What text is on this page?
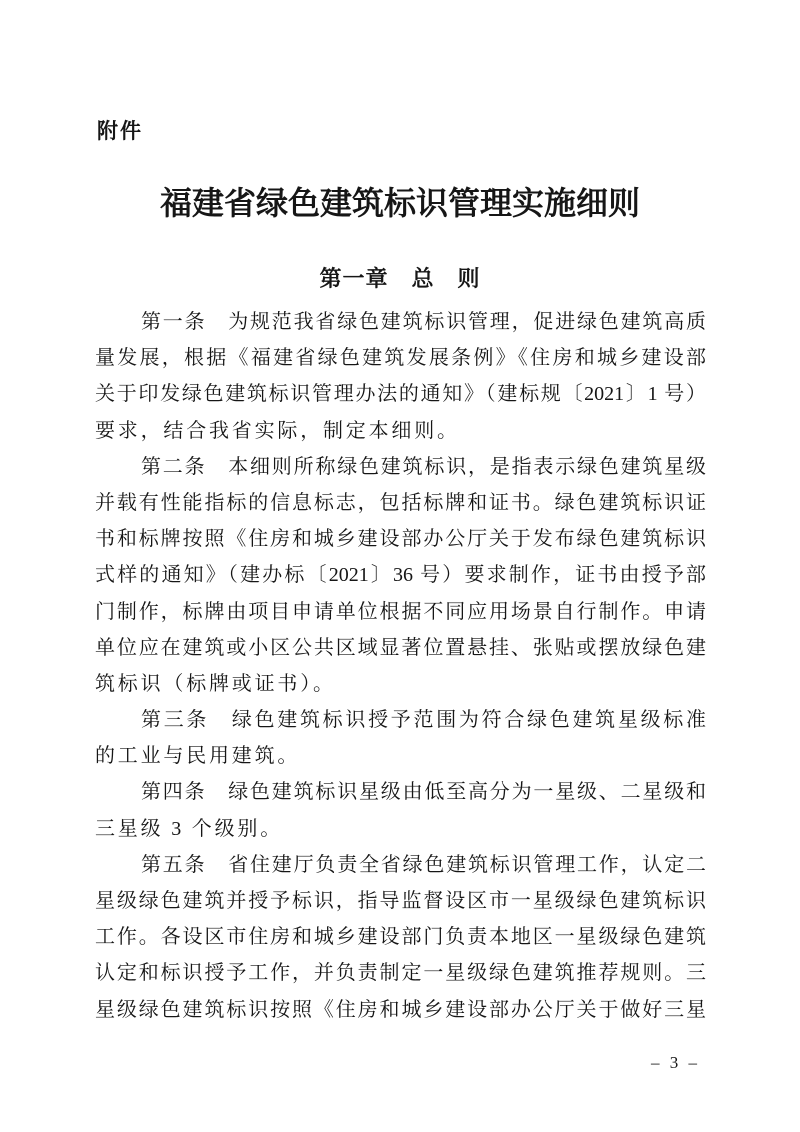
附件
福建省绿色建筑标识管理实施细则
第一章　总　则
第一条　为规范我省绿色建筑标识管理，促进绿色建筑高质
量发展，根据《福建省绿色建筑发展条例》《住房和城乡建设部
关于印发绿色建筑标识管理办法的通知》（建标规〔2021〕1 号）
要求，结合我省实际，制定本细则。
第二条　本细则所称绿色建筑标识，是指表示绿色建筑星级
并载有性能指标的信息标志，包括标牌和证书。绿色建筑标识证
书和标牌按照《住房和城乡建设部办公厅关于发布绿色建筑标识
式样的通知》（建办标〔2021〕36 号）要求制作，证书由授予部
门制作，标牌由项目申请单位根据不同应用场景自行制作。申请
单位应在建筑或小区公共区域显著位置悬挂、张贴或摆放绿色建
筑标识（标牌或证书）。
第三条　绿色建筑标识授予范围为符合绿色建筑星级标准
的工业与民用建筑。
第四条　绿色建筑标识星级由低至高分为一星级、二星级和
三星级 3 个级别。
第五条　省住建厅负责全省绿色建筑标识管理工作，认定二
星级绿色建筑并授予标识，指导监督设区市一星级绿色建筑标识
工作。各设区市住房和城乡建设部门负责本地区一星级绿色建筑
认定和标识授予工作，并负责制定一星级绿色建筑推荐规则。三
星级绿色建筑标识按照《住房和城乡建设部办公厅关于做好三星
– 3 –
